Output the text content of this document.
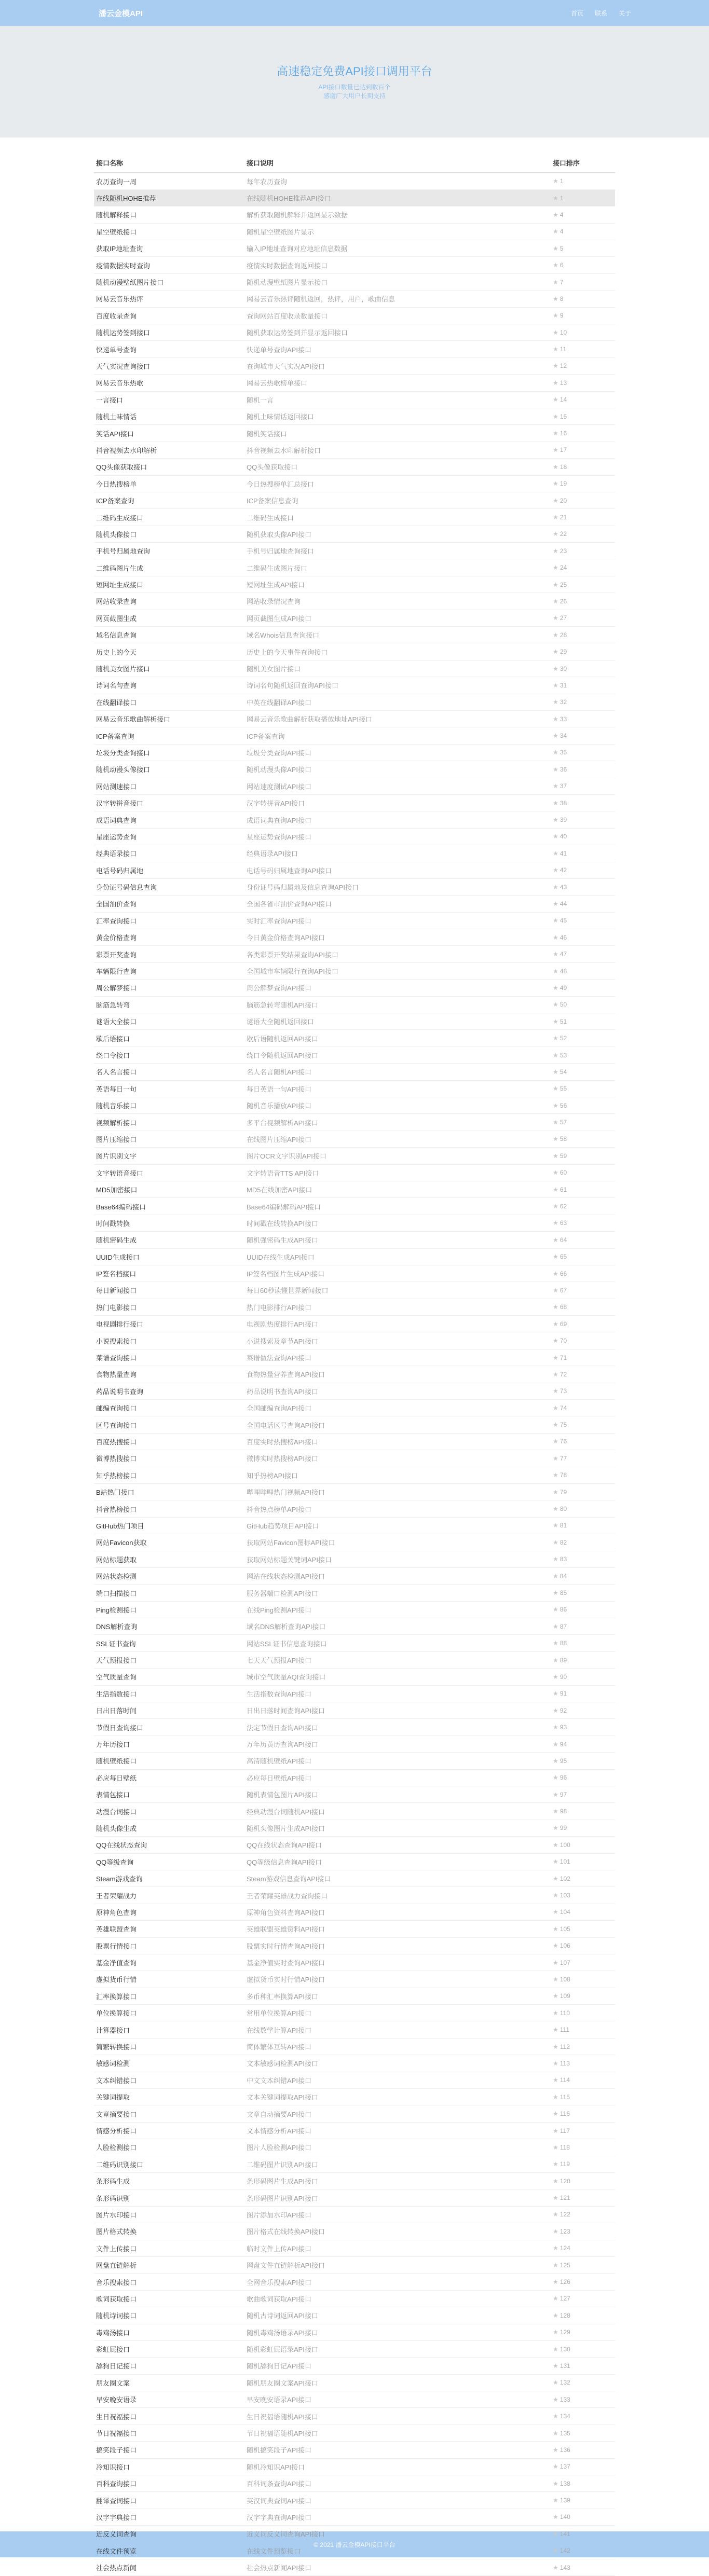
潘云金模API	首页 联系 关于
高速稳定免费API接口调用平台
API接口数量已达到数百个
感谢广大用户长期支持
接口名称	接口说明	接口排序
农历查询一周	每年农历查询	★ 1
在线随机HOHE推荐	在线随机HOHE推荐API接口	★ 1
随机解释接口	解析获取随机解释并返回显示数据	★ 4
星空壁纸接口	随机星空壁纸图片显示	★ 4
获取IP地址查询	输入IP地址查询对应地址信息数据	★ 5
疫情数据实时查询	疫情实时数据查询返回接口	★ 6
随机动漫壁纸图片接口	随机动漫壁纸图片显示接口	★ 7
网易云音乐热评	网易云音乐热评随机返回，热评，用户，歌曲信息	★ 8
百度收录查询	查询网站百度收录数量接口	★ 9
随机运势签到接口	随机获取运势签到并显示返回接口	★ 10
快递单号查询	快递单号查询API接口	★ 11
天气实况查询接口	查询城市天气实况API接口	★ 12
网易云音乐热歌	网易云热歌榜单接口	★ 13
一言接口	随机一言	★ 14
随机土味情话	随机土味情话返回接口	★ 15
笑话API接口	随机笑话接口	★ 16
抖音视频去水印解析	抖音视频去水印解析接口	★ 17
QQ头像获取接口	QQ头像获取接口	★ 18
今日热搜榜单	今日热搜榜单汇总接口	★ 19
ICP备案查询	ICP备案信息查询	★ 20
二维码生成接口	二维码生成接口	★ 21
随机头像接口	随机获取头像API接口	★ 22
手机号归属地查询	手机号归属地查询接口	★ 23
二维码图片生成	二维码生成图片接口	★ 24
短网址生成接口	短网址生成API接口	★ 25
网站收录查询	网站收录情况查询	★ 26
网页截图生成	网页截图生成API接口	★ 27
域名信息查询	域名Whois信息查询接口	★ 28
历史上的今天	历史上的今天事件查询接口	★ 29
随机美女图片接口	随机美女图片接口	★ 30
诗词名句查询	诗词名句随机返回查询API接口	★ 31
在线翻译接口	中英在线翻译API接口	★ 32
网易云音乐歌曲解析接口	网易云音乐歌曲解析获取播放地址API接口	★ 33
ICP备案查询	ICP备案查询	★ 34
垃圾分类查询接口	垃圾分类查询API接口	★ 35
随机动漫头像接口	随机动漫头像API接口	★ 36
网站测速接口	网站速度测试API接口	★ 37
汉字转拼音接口	汉字转拼音API接口	★ 38
成语词典查询	成语词典查询API接口	★ 39
星座运势查询	星座运势查询API接口	★ 40
经典语录接口	经典语录API接口	★ 41
电话号码归属地	电话号码归属地查询API接口	★ 42
身份证号码信息查询	身份证号码归属地及信息查询API接口	★ 43
全国油价查询	全国各省市油价查询API接口	★ 44
汇率查询接口	实时汇率查询API接口	★ 45
黄金价格查询	今日黄金价格查询API接口	★ 46
彩票开奖查询	各类彩票开奖结果查询API接口	★ 47
车辆限行查询	全国城市车辆限行查询API接口	★ 48
周公解梦接口	周公解梦查询API接口	★ 49
脑筋急转弯	脑筋急转弯随机API接口	★ 50
谜语大全接口	谜语大全随机返回接口	★ 51
歇后语接口	歇后语随机返回API接口	★ 52
绕口令接口	绕口令随机返回API接口	★ 53
名人名言接口	名人名言随机API接口	★ 54
英语每日一句	每日英语一句API接口	★ 55
随机音乐接口	随机音乐播放API接口	★ 56
视频解析接口	多平台视频解析API接口	★ 57
图片压缩接口	在线图片压缩API接口	★ 58
图片识别文字	图片OCR文字识别API接口	★ 59
文字转语音接口	文字转语音TTS API接口	★ 60
MD5加密接口	MD5在线加密API接口	★ 61
Base64编码接口	Base64编码解码API接口	★ 62
时间戳转换	时间戳在线转换API接口	★ 63
随机密码生成	随机强密码生成API接口	★ 64
UUID生成接口	UUID在线生成API接口	★ 65
IP签名档接口	IP签名档图片生成API接口	★ 66
每日新闻接口	每日60秒读懂世界新闻接口	★ 67
热门电影接口	热门电影排行API接口	★ 68
电视剧排行接口	电视剧热度排行API接口	★ 69
小说搜索接口	小说搜索及章节API接口	★ 70
菜谱查询接口	菜谱做法查询API接口	★ 71
食物热量查询	食物热量营养查询API接口	★ 72
药品说明书查询	药品说明书查询API接口	★ 73
邮编查询接口	全国邮编查询API接口	★ 74
区号查询接口	全国电话区号查询API接口	★ 75
百度热搜接口	百度实时热搜榜API接口	★ 76
微博热搜接口	微博实时热搜榜API接口	★ 77
知乎热榜接口	知乎热榜API接口	★ 78
B站热门接口	哔哩哔哩热门视频API接口	★ 79
抖音热榜接口	抖音热点榜单API接口	★ 80
GitHub热门项目	GitHub趋势项目API接口	★ 81
网站Favicon获取	获取网站Favicon图标API接口	★ 82
网站标题获取	获取网站标题关键词API接口	★ 83
网站状态检测	网站在线状态检测API接口	★ 84
端口扫描接口	服务器端口检测API接口	★ 85
Ping检测接口	在线Ping检测API接口	★ 86
DNS解析查询	域名DNS解析查询API接口	★ 87
SSL证书查询	网站SSL证书信息查询接口	★ 88
天气预报接口	七天天气预报API接口	★ 89
空气质量查询	城市空气质量AQI查询接口	★ 90
生活指数接口	生活指数查询API接口	★ 91
日出日落时间	日出日落时间查询API接口	★ 92
节假日查询接口	法定节假日查询API接口	★ 93
万年历接口	万年历黄历查询API接口	★ 94
随机壁纸接口	高清随机壁纸API接口	★ 95
必应每日壁纸	必应每日壁纸API接口	★ 96
表情包接口	随机表情包图片API接口	★ 97
动漫台词接口	经典动漫台词随机API接口	★ 98
随机头像生成	随机头像图片生成API接口	★ 99
QQ在线状态查询	QQ在线状态查询API接口	★ 100
QQ等级查询	QQ等级信息查询API接口	★ 101
Steam游戏查询	Steam游戏信息查询API接口	★ 102
王者荣耀战力	王者荣耀英雄战力查询接口	★ 103
原神角色查询	原神角色资料查询API接口	★ 104
英雄联盟查询	英雄联盟英雄资料API接口	★ 105
股票行情接口	股票实时行情查询API接口	★ 106
基金净值查询	基金净值实时查询API接口	★ 107
虚拟货币行情	虚拟货币实时行情API接口	★ 108
汇率换算接口	多币种汇率换算API接口	★ 109
单位换算接口	常用单位换算API接口	★ 110
计算器接口	在线数学计算API接口	★ 111
简繁转换接口	简体繁体互转API接口	★ 112
敏感词检测	文本敏感词检测API接口	★ 113
文本纠错接口	中文文本纠错API接口	★ 114
关键词提取	文本关键词提取API接口	★ 115
文章摘要接口	文章自动摘要API接口	★ 116
情感分析接口	文本情感分析API接口	★ 117
人脸检测接口	图片人脸检测API接口	★ 118
二维码识别接口	二维码图片识别API接口	★ 119
条形码生成	条形码图片生成API接口	★ 120
条形码识别	条形码图片识别API接口	★ 121
图片水印接口	图片添加水印API接口	★ 122
图片格式转换	图片格式在线转换API接口	★ 123
文件上传接口	临时文件上传API接口	★ 124
网盘直链解析	网盘文件直链解析API接口	★ 125
音乐搜索接口	全网音乐搜索API接口	★ 126
歌词获取接口	歌曲歌词获取API接口	★ 127
随机诗词接口	随机古诗词返回API接口	★ 128
毒鸡汤接口	随机毒鸡汤语录API接口	★ 129
彩虹屁接口	随机彩虹屁语录API接口	★ 130
舔狗日记接口	随机舔狗日记API接口	★ 131
朋友圈文案	随机朋友圈文案API接口	★ 132
早安晚安语录	早安晚安语录API接口	★ 133
生日祝福接口	生日祝福语随机API接口	★ 134
节日祝福接口	节日祝福语随机API接口	★ 135
搞笑段子接口	随机搞笑段子API接口	★ 136
冷知识接口	随机冷知识API接口	★ 137
百科查询接口	百科词条查询API接口	★ 138
翻译查词接口	英汉词典查词API接口	★ 139
汉字字典接口	汉字字典查询API接口	★ 140
近反义词查询	近义词反义词查询API接口	★ 141
在线文件预览	在线文件预览接口	★ 142
社会热点新闻	社会热点新闻API接口	★ 143
© 2021 潘云金模API接口平台
